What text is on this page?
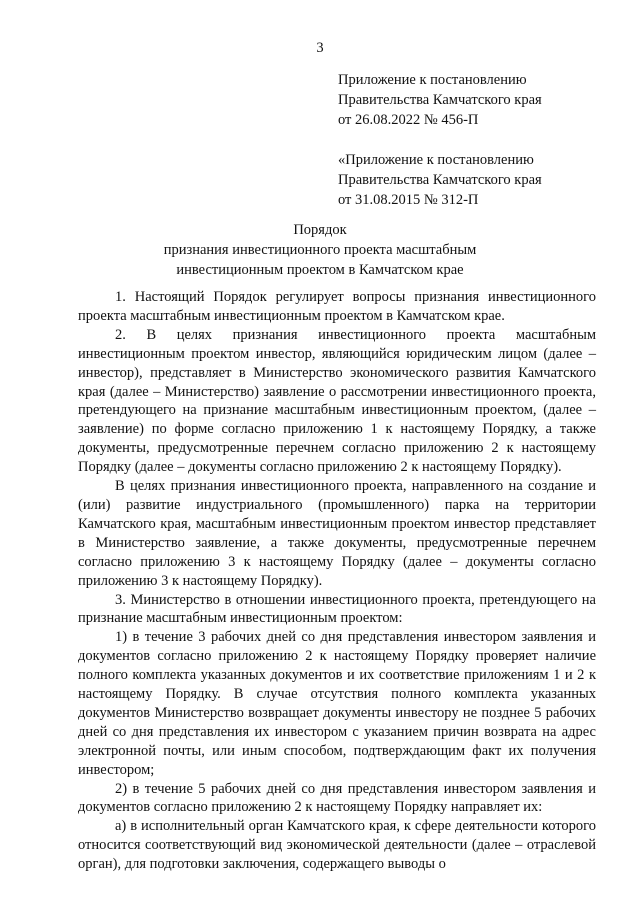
3
Приложение к постановлению
Правительства Камчатского края
от 26.08.2022 № 456-П
«Приложение к постановлению
Правительства Камчатского края
от 31.08.2015 № 312-П
Порядок
признания инвестиционного проекта масштабным
инвестиционным проектом в Камчатском крае

1. Настоящий Порядок регулирует вопросы признания инвестиционного проекта масштабным инвестиционным проектом в Камчатском крае.

2. В целях признания инвестиционного проекта масштабным инвестиционным проектом инвестор, являющийся юридическим лицом (далее – инвестор), представляет в Министерство экономического развития Камчатского края (далее – Министерство) заявление о рассмотрении инвестиционного проекта, претендующего на признание масштабным инвестиционным проектом, (далее –заявление) по форме согласно приложению 1 к настоящему Порядку, а также документы, предусмотренные перечнем согласно приложению 2 к настоящему Порядку (далее – документы согласно приложению 2 к настоящему Порядку).

В целях признания инвестиционного проекта, направленного на создание и (или) развитие индустриального (промышленного) парка на территории Камчатского края, масштабным инвестиционным проектом инвестор представляет в Министерство заявление, а также документы, предусмотренные перечнем согласно приложению 3 к настоящему Порядку (далее – документы согласно приложению 3 к настоящему Порядку).

3. Министерство в отношении инвестиционного проекта, претендующего на признание масштабным инвестиционным проектом:

1) в течение 3 рабочих дней со дня представления инвестором заявления и документов согласно приложению 2 к настоящему Порядку проверяет наличие полного комплекта указанных документов и их соответствие приложениям 1 и 2 к настоящему Порядку. В случае отсутствия полного комплекта указанных документов Министерство возвращает документы инвестору не позднее 5 рабочих дней со дня представления их инвестором с указанием причин возврата на адрес электронной почты, или иным способом, подтверждающим факт их получения инвестором;

2) в течение 5 рабочих дней со дня представления инвестором заявления и документов согласно приложению 2 к настоящему Порядку направляет их:

а) в исполнительный орган Камчатского края, к сфере деятельности которого относится соответствующий вид экономической деятельности (далее – отраслевой орган), для подготовки заключения, содержащего выводы о
